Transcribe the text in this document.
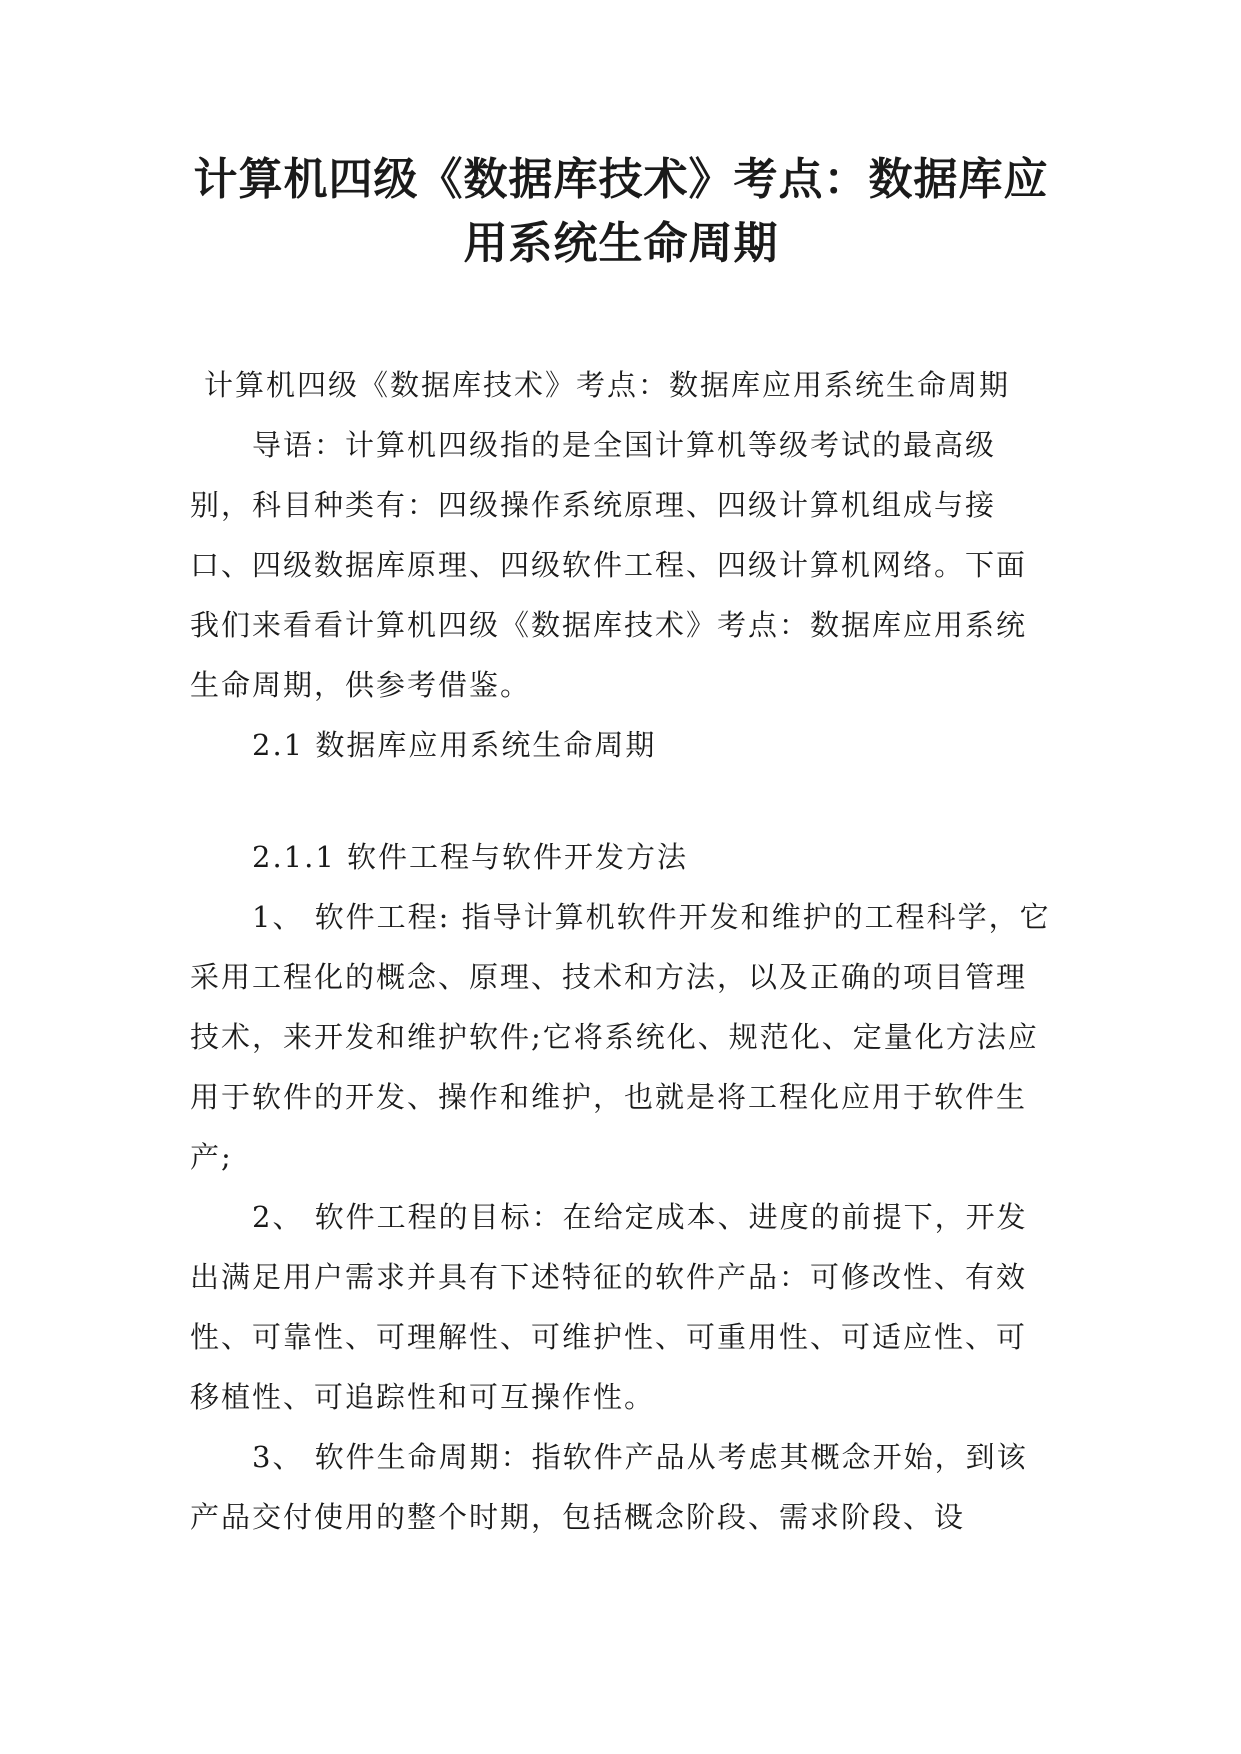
计算机四级《数据库技术》考点：数据库应
用系统生命周期

计算机四级《数据库技术》考点：数据库应用系统生命周期

导语：计算机四级指的是全国计算机等级考试的最高级别，科目种类有：四级操作系统原理、四级计算机组成与接口、四级数据库原理、四级软件工程、四级计算机网络。下面我们来看看计算机四级《数据库技术》考点：数据库应用系统生命周期，供参考借鉴。

2.1 数据库应用系统生命周期

2.1.1 软件工程与软件开发方法

1、 软件工程: 指导计算机软件开发和维护的工程科学，它采用工程化的概念、原理、技术和方法，以及正确的项目管理技术，来开发和维护软件;它将系统化、规范化、定量化方法应用于软件的开发、操作和维护，也就是将工程化应用于软件生产;

2、 软件工程的目标：在给定成本、进度的前提下，开发出满足用户需求并具有下述特征的软件产品：可修改性、有效性、可靠性、可理解性、可维护性、可重用性、可适应性、可移植性、可追踪性和可互操作性。

3、 软件生命周期：指软件产品从考虑其概念开始，到该产品交付使用的整个时期，包括概念阶段、需求阶段、设
